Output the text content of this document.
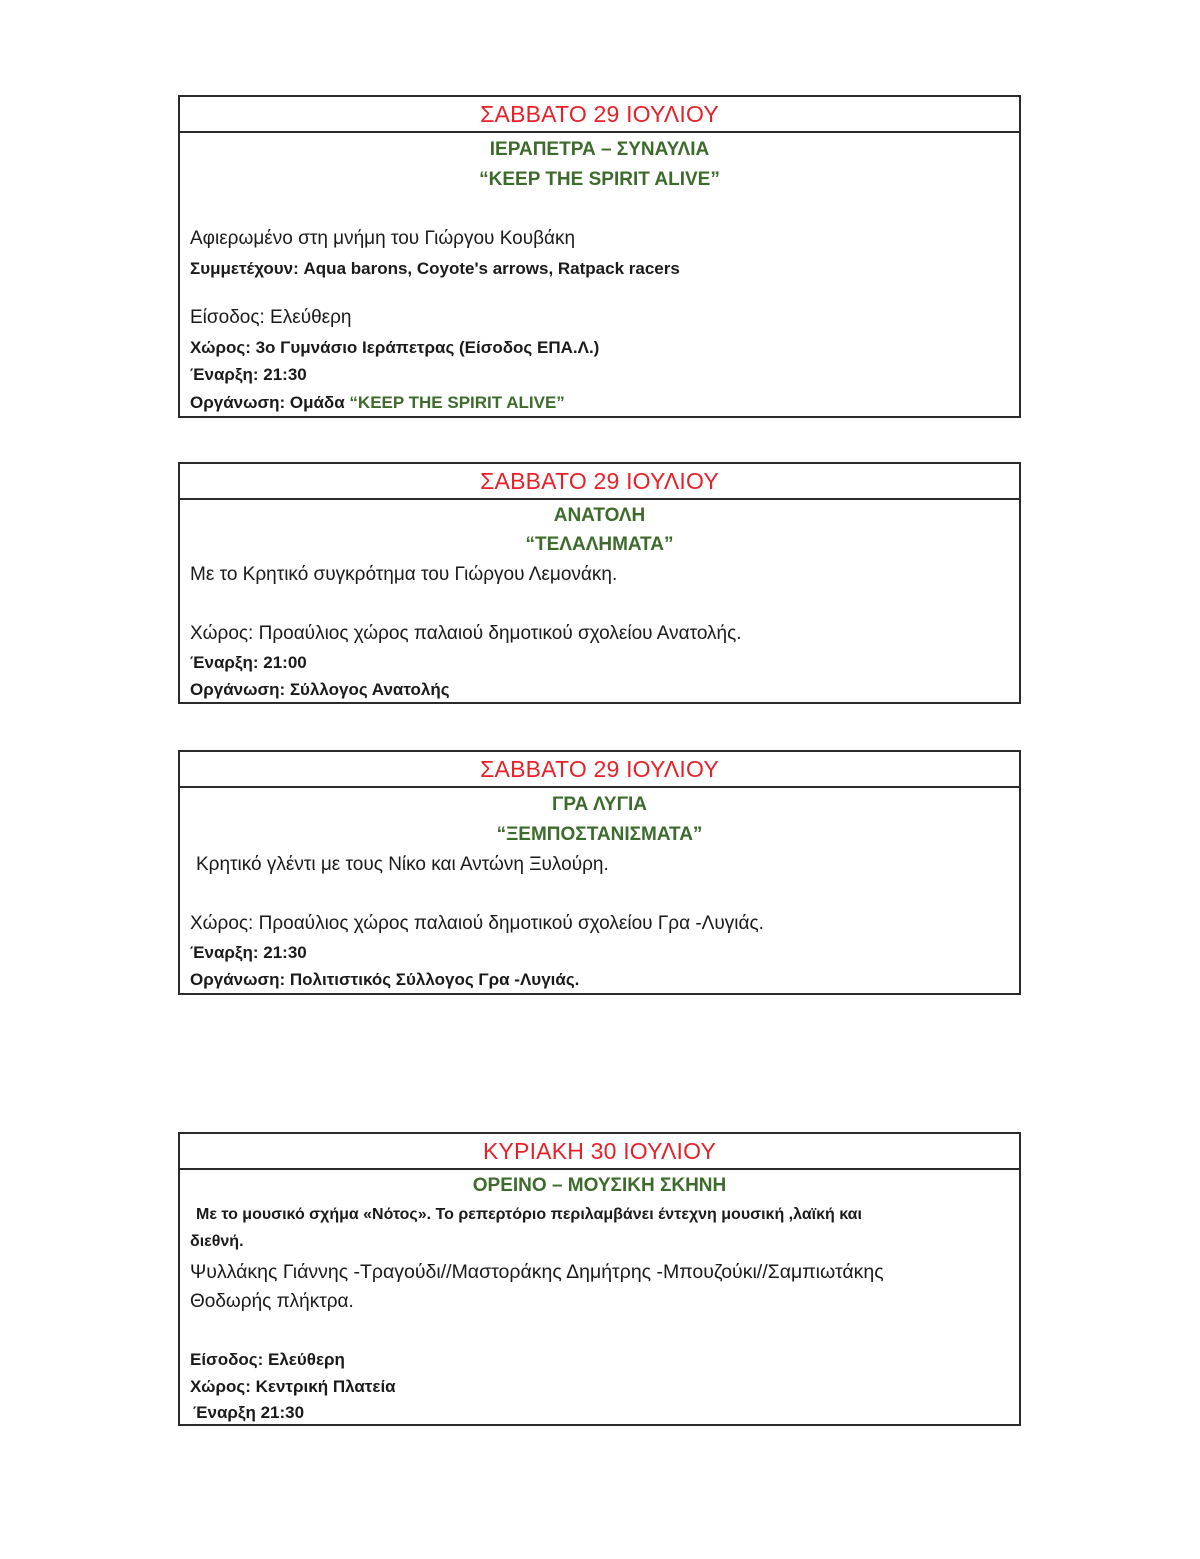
ΣΑΒΒΑΤΟ 29 ΙΟΥΛΙΟΥ
ΙΕΡΑΠΕΤΡΑ – ΣΥΝΑΥΛΙΑ
“KEEP THE SPIRIT ALIVE”
Αφιερωμένο στη μνήμη του Γιώργου Κουβάκη
Συμμετέχουν: Aqua barons, Coyote's arrows, Ratpack racers
Είσοδος: Ελεύθερη
Χώρος: 3ο Γυμνάσιο Ιεράπετρας (Είσοδος ΕΠΑ.Λ.)
Έναρξη: 21:30
Οργάνωση: Ομάδα “KEEP THE SPIRIT ALIVE”
ΣΑΒΒΑΤΟ 29 ΙΟΥΛΙΟΥ
ΑΝΑΤΟΛΗ
“ΤΕΛΑΛΗΜΑΤΑ”
Με το Κρητικό συγκρότημα του Γιώργου Λεμονάκη.
Χώρος: Προαύλιος χώρος παλαιού δημοτικού σχολείου Ανατολής.
Έναρξη: 21:00
Οργάνωση: Σύλλογος Ανατολής
ΣΑΒΒΑΤΟ 29 ΙΟΥΛΙΟΥ
ΓΡΑ ΛΥΓΙΑ
“ΞΕΜΠΟΣΤΑΝΙΣΜΑΤΑ”
Κρητικό γλέντι με τους Νίκο και Αντώνη Ξυλούρη.
Χώρος: Προαύλιος χώρος παλαιού δημοτικού σχολείου Γρα -Λυγιάς.
Έναρξη: 21:30
Οργάνωση: Πολιτιστικός Σύλλογος Γρα -Λυγιάς.
ΚΥΡΙΑΚΗ 30 ΙΟΥΛΙΟΥ
ΟΡΕΙΝΟ – ΜΟΥΣΙΚΗ ΣΚΗΝΗ
Με το μουσικό σχήμα «Νότος». Το ρεπερτόριο περιλαμβάνει έντεχνη μουσική ,λαϊκή και
διεθνή.
Ψυλλάκης Γιάννης -Τραγούδι//Μαστοράκης Δημήτρης -Μπουζούκι//Σαμπιωτάκης
Θοδωρής πλήκτρα.
Είσοδος: Ελεύθερη
Χώρος: Κεντρική Πλατεία
Έναρξη 21:30
